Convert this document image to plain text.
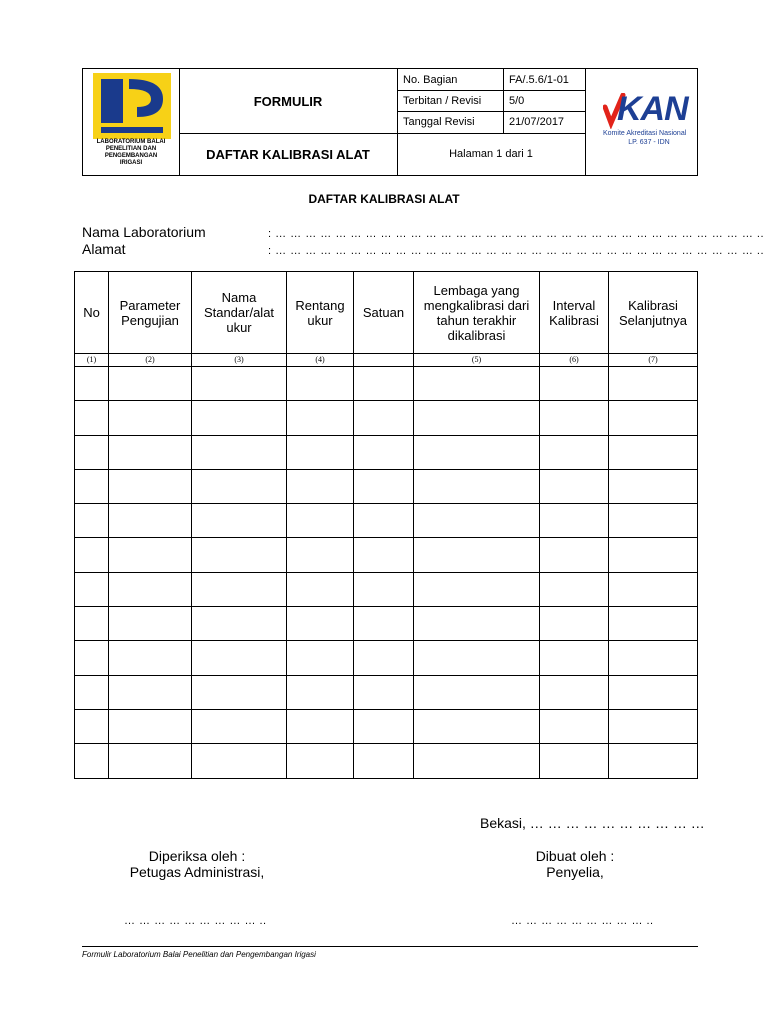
LABORATORIUM BALAI
PENELITIAN DAN
PENGEMBANGAN
IRIGASI
FORMULIR
DAFTAR KALIBRASI ALAT
No. Bagian	FA/.5.6/1-01
Terbitan / Revisi	5/0
Tanggal Revisi	21/07/2017
Halaman 1 dari 1
KAN
Komite Akreditasi Nasional
LP. 637 - IDN
DAFTAR KALIBRASI ALAT
Nama Laboratorium	: … … … … … … … … … … … … … … … … … … … … … … … … … … … … … … … … ..
Alamat	: … … … … … … … … … … … … … … … … … … … … … … … … … … … … … … … … ..
No	Parameter Pengujian	Nama Standar/alat ukur	Rentang ukur	Satuan	Lembaga yang mengkalibrasi dari tahun terakhir dikalibrasi	Interval Kalibrasi	Kalibrasi Selanjutnya
(1)	(2)	(3)	(4)		(5)	(6)	(7)

Bekasi, … … … … … … … … … …
Diperiksa oleh :
Petugas Administrasi,
Dibuat oleh :
Penyelia,
… … … … … … … … … ..	… … … … … … … … … ..
Formulir Laboratorium Balai Penelitian dan Pengembangan Irigasi
